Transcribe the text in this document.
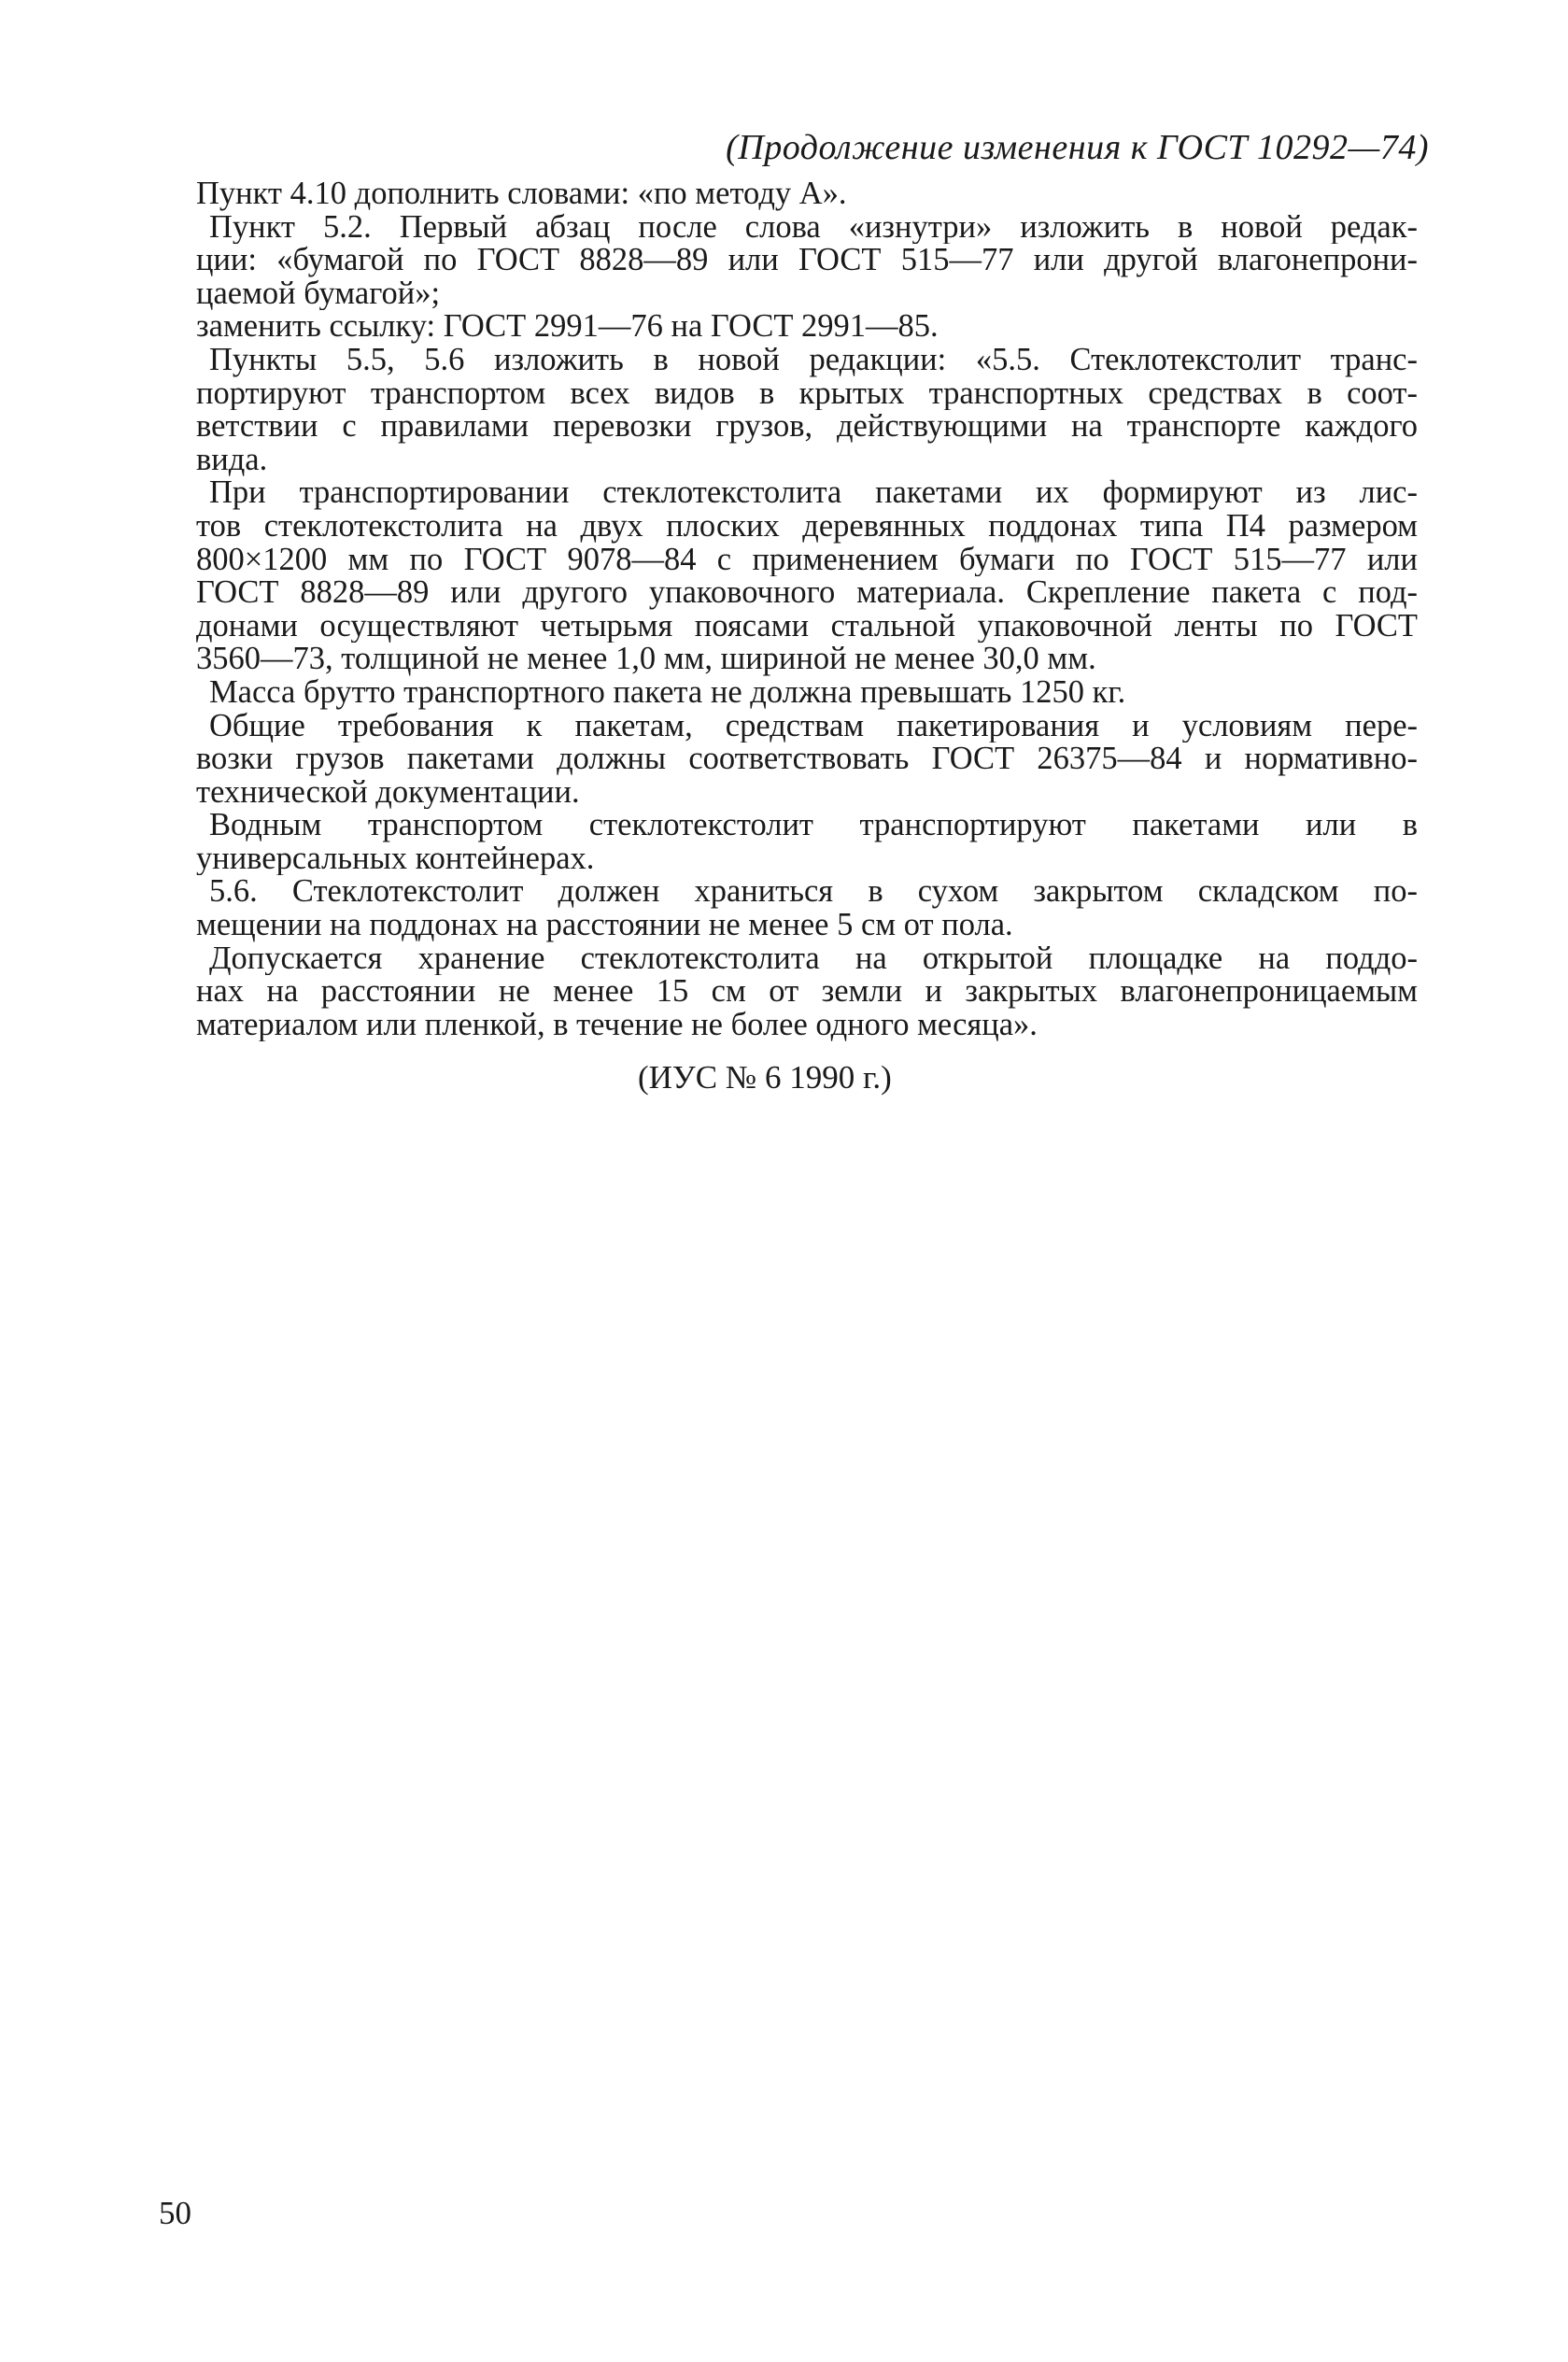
(Продолжение изменения к ГОСТ 10292—74)
Пункт 4.10 дополнить словами: «по методу А».
Пункт 5.2. Первый абзац после слова «изнутри» изложить в новой редак-
ции: «бумагой по ГОСТ 8828—89 или ГОСТ 515—77 или другой влагонепрони-
цаемой бумагой»;
заменить ссылку: ГОСТ 2991—76 на ГОСТ 2991—85.
Пункты 5.5, 5.6 изложить в новой редакции: «5.5. Стеклотекстолит транс-
портируют транспортом всех видов в крытых транспортных средствах в соот-
ветствии с правилами перевозки грузов, действующими на транспорте каждого
вида.
При транспортировании стеклотекстолита пакетами их формируют из лис-
тов стеклотекстолита на двух плоских деревянных поддонах типа П4 размером
800×1200 мм по ГОСТ 9078—84 с применением бумаги по ГОСТ 515—77 или
ГОСТ 8828—89 или другого упаковочного материала. Скрепление пакета с под-
донами осуществляют четырьмя поясами стальной упаковочной ленты по ГОСТ
3560—73, толщиной не менее 1,0 мм, шириной не менее 30,0 мм.
Масса брутто транспортного пакета не должна превышать 1250 кг.
Общие требования к пакетам, средствам пакетирования и условиям пере-
возки грузов пакетами должны соответствовать ГОСТ 26375—84 и нормативно-
технической документации.
Водным транспортом стеклотекстолит транспортируют пакетами или в
универсальных контейнерах.
5.6. Стеклотекстолит должен храниться в сухом закрытом складском по-
мещении на поддонах на расстоянии не менее 5 см от пола.
Допускается хранение стеклотекстолита на открытой площадке на поддо-
нах на расстоянии не менее 15 см от земли и закрытых влагонепроницаемым
материалом или пленкой, в течение не более одного месяца».
(ИУС № 6 1990 г.)
50
